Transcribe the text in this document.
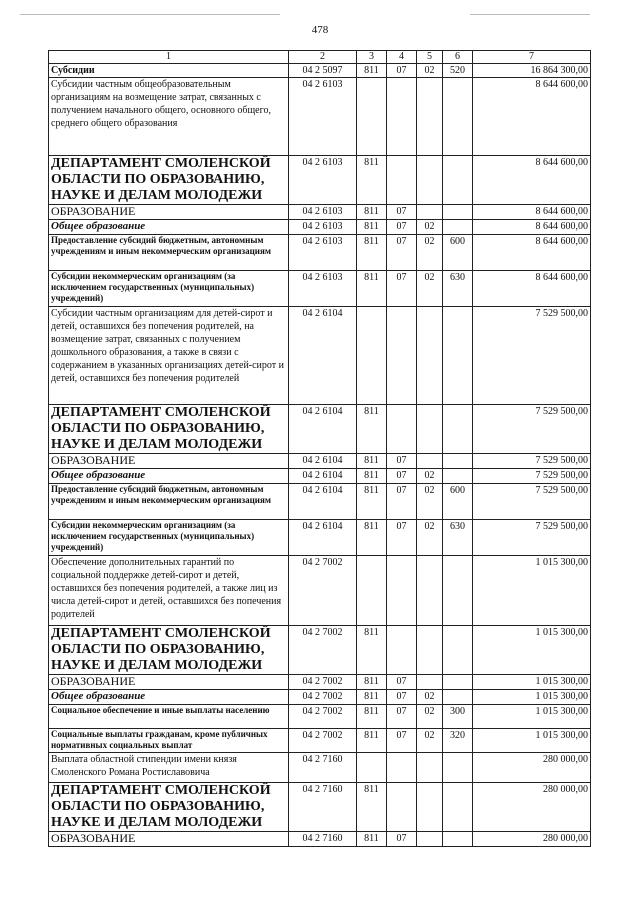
478
1	2	3	4	5	6	7
Субсидии	04 2 5097	811	07	02	520	16 864 300,00
Субсидии частным общеобразовательным организациям на возмещение затрат, связанных с получением начального общего, основного общего, среднего общего образования	04 2 6103					8 644 600,00
ДЕПАРТАМЕНТ СМОЛЕНСКОЙ ОБЛАСТИ ПО ОБРАЗОВАНИЮ, НАУКЕ И ДЕЛАМ МОЛОДЕЖИ	04 2 6103	811				8 644 600,00
ОБРАЗОВАНИЕ	04 2 6103	811	07			8 644 600,00
Общее образование	04 2 6103	811	07	02		8 644 600,00
Предоставление субсидий бюджетным, автономным учреждениям и иным некоммерческим организациям	04 2 6103	811	07	02	600	8 644 600,00
Субсидии некоммерческим организациям (за исключением государственных (муниципальных) учреждений)	04 2 6103	811	07	02	630	8 644 600,00
Субсидии частным организациям для детей-сирот и детей, оставшихся без попечения родителей, на возмещение затрат, связанных с получением дошкольного образования, а также в связи с содержанием в указанных организациях детей-сирот и детей, оставшихся без попечения родителей	04 2 6104					7 529 500,00
ДЕПАРТАМЕНТ СМОЛЕНСКОЙ ОБЛАСТИ ПО ОБРАЗОВАНИЮ, НАУКЕ И ДЕЛАМ МОЛОДЕЖИ	04 2 6104	811				7 529 500,00
ОБРАЗОВАНИЕ	04 2 6104	811	07			7 529 500,00
Общее образование	04 2 6104	811	07	02		7 529 500,00
Предоставление субсидий бюджетным, автономным учреждениям и иным некоммерческим организациям	04 2 6104	811	07	02	600	7 529 500,00
Субсидии некоммерческим организациям (за исключением государственных (муниципальных) учреждений)	04 2 6104	811	07	02	630	7 529 500,00
Обеспечение дополнительных гарантий по социальной поддержке детей-сирот и детей, оставшихся без попечения родителей, а также лиц из числа детей-сирот и детей, оставшихся без попечения родителей	04 2 7002					1 015 300,00
ДЕПАРТАМЕНТ СМОЛЕНСКОЙ ОБЛАСТИ ПО ОБРАЗОВАНИЮ, НАУКЕ И ДЕЛАМ МОЛОДЕЖИ	04 2 7002	811				1 015 300,00
ОБРАЗОВАНИЕ	04 2 7002	811	07			1 015 300,00
Общее образование	04 2 7002	811	07	02		1 015 300,00
Социальное обеспечение и иные выплаты населению	04 2 7002	811	07	02	300	1 015 300,00
Социальные выплаты гражданам, кроме публичных нормативных социальных выплат	04 2 7002	811	07	02	320	1 015 300,00
Выплата областной стипендии имени князя Смоленского Романа Ростиславовича	04 2 7160					280 000,00
ДЕПАРТАМЕНТ СМОЛЕНСКОЙ ОБЛАСТИ ПО ОБРАЗОВАНИЮ, НАУКЕ И ДЕЛАМ МОЛОДЕЖИ	04 2 7160	811				280 000,00
ОБРАЗОВАНИЕ	04 2 7160	811	07			280 000,00
